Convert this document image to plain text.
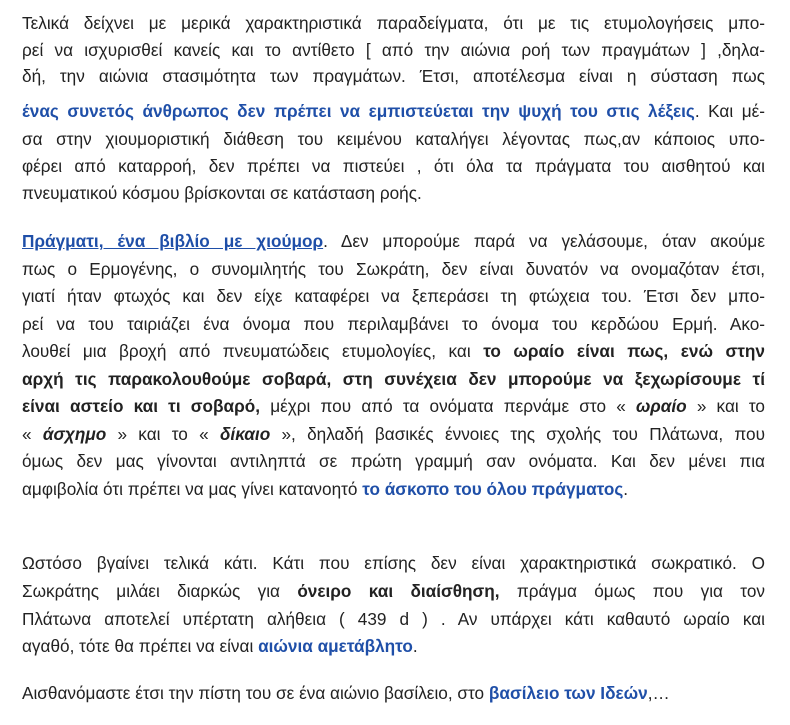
Τελικά δείχνει με μερικά χαρακτηριστικά παραδείγματα, ότι με τις ετυμολογήσεις μπο-
ρεί να ισχυρισθεί κανείς και το αντίθετο [ από την αιώνια ροή των πραγμάτων ] ,δηλα-
δή, την αιώνια στασιμότητα των πραγμάτων. Έτσι, αποτέλεσμα είναι η σύσταση πως
ένας συνετός άνθρωπος δεν πρέπει να εμπιστεύεται την ψυχή του στις λέξεις. Και μέ-
σα στην χιουμοριστική διάθεση του κειμένου καταλήγει λέγοντας πως,αν κάποιος υπο-
φέρει από καταρροή, δεν πρέπει να πιστεύει , ότι όλα τα πράγματα του αισθητού και
πνευματικού κόσμου βρίσκονται σε κατάσταση ροής.
Πράγματι, ένα βιβλίο με χιούμορ. Δεν μπορούμε παρά να γελάσουμε, όταν ακούμε
πως ο Ερμογένης, ο συνομιλητής του Σωκράτη, δεν είναι δυνατόν να ονομαζόταν έτσι,
γιατί ήταν φτωχός και δεν είχε καταφέρει να ξεπεράσει τη φτώχεια του. Έτσι δεν μπο-
ρεί να του ταιριάζει ένα όνομα που περιλαμβάνει το όνομα του κερδώου Ερμή. Ακο-
λουθεί μια βροχή από πνευματώδεις ετυμολογίες, και το ωραίο είναι πως, ενώ στην
αρχή τις παρακολουθούμε σοβαρά, στη συνέχεια δεν μπορούμε να ξεχωρίσουμε τί
είναι αστείο και τι σοβαρό, μέχρι που από τα ονόματα περνάμε στο « ωραίο » και το
« άσχημο » και το « δίκαιο », δηλαδή βασικές έννοιες της σχολής του Πλάτωνα, που
όμως δεν μας γίνονται αντιληπτά σε πρώτη γραμμή σαν ονόματα. Και δεν μένει πια
αμφιβολία ότι πρέπει να μας γίνει κατανοητό το άσκοπο του όλου πράγματος.
Ωστόσο βγαίνει τελικά κάτι. Κάτι που επίσης δεν είναι χαρακτηριστικά σωκρατικό. Ο
Σωκράτης μιλάει διαρκώς για όνειρο και διαίσθηση, πράγμα όμως που για τον
Πλάτωνα αποτελεί υπέρτατη αλήθεια ( 439 d ) . Αν υπάρχει κάτι καθαυτό ωραίο και
αγαθό, τότε θα πρέπει να είναι αιώνια αμετάβλητο.
Αισθανόμαστε έτσι την πίστη του σε ένα αιώνιο βασίλειο, στο βασίλειο των Ιδεών,…
